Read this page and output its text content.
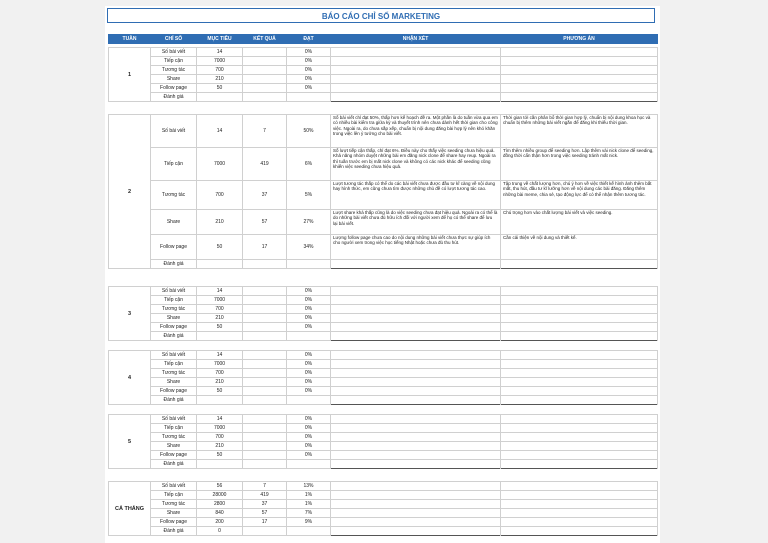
BÁO CÁO CHỈ SỐ MARKETING
TUẦN	CHỈ SỐ	MỤC TIÊU	KẾT QUẢ	ĐẠT	NHẬN XÉT	PHƯƠNG ÁN
1	Số bài viết	14		0%		
	Tiếp cận	7000		0%		
	Tương tác	700		0%		
	Share	210		0%		
	Follow page	50		0%		
	Đánh giá					
2	Số bài viết	14	7	50%	Số bài viết chỉ đạt 50%, thấp hơn kế hoạch đề ra. Một phần là do tuần vừa qua em có nhiều bài kiểm tra giữa kỳ và thuyết trình nên chưa dành hết thời gian cho công việc. Ngoài ra, do chưa sắp xếp, chuẩn bị nội dung đăng bài hợp lý nên khó khăn trong việc lên ý tưởng cho bài viết.	Thời gian tới cần phân bổ thời gian hợp lý, chuẩn bị nội dung khoa học và chuẩn bị thêm những bài viết ngắn để đăng khi thiếu thời gian.
	Tiếp cận	7000	419	6%	Số lượt tiếp cận thấp, chỉ đạt 6%. Điều này cho thấy việc seeding chưa hiệu quả. Khả năng nhóm duyệt những bài em đăng nick clone để share hay reup. Ngoài ra thì tuần trước em bị mất nick clone và không có các nick khác để seeding cũng khiến việc seeding chưa hiệu quả.	Tìm thêm nhiều group để seeding hơn. Lập thêm vài nick clone để seeding, đồng thời cẩn thận hơn trong việc seeding tránh mất nick.
	Tương tác	700	37	5%	Lượt tương tác thấp có thể do các bài viết chưa được đầu tư kĩ càng về nội dung hay hình thức, em cũng chưa tìm được những chủ đề có lượt tương tác cao.	Tập trung về chất lượng hơn, chú ý hơn về việc thiết kế hình ảnh thêm bắt mắt, thu hút, đầu tư kĩ lưỡng hơn về nội dung các bài đăng. Đăng thêm những bài meme, chia sẻ, tạo động lực để có thể nhận thêm tương tác.
	Share	210	57	27%	Lượt share khá thấp cũng là do việc seeding chưa đạt hiệu quả. Ngoài ra có thể là do những bài viết chưa đủ hữu ích đối với người xem để họ có thể share để lưu lại bài viết.	Chú trọng hơn vào chất lượng bài viết và việc seeding.
	Follow page	50	17	34%	Lượng follow page chưa cao do nội dung những bài viết chưa thực sự giúp ích cho người xem trong việc học tiếng Nhật hoặc chưa đủ thu hút.	Cần cải thiện về nội dung và thiết kế.
	Đánh giá					
3	Số bài viết	14		0%		
	Tiếp cận	7000		0%		
	Tương tác	700		0%		
	Share	210		0%		
	Follow page	50		0%		
	Đánh giá					
4	Số bài viết	14		0%		
	Tiếp cận	7000		0%		
	Tương tác	700		0%		
	Share	210		0%		
	Follow page	50		0%		
	Đánh giá					
5	Số bài viết	14		0%		
	Tiếp cận	7000		0%		
	Tương tác	700		0%		
	Share	210		0%		
	Follow page	50		0%		
	Đánh giá					
CẢ THÁNG	Số bài viết	56	7	13%		
	Tiếp cận	28000	419	1%		
	Tương tác	2800	37	1%		
	Share	840	57	7%		
	Follow page	200	17	9%		
	Đánh giá	0				
